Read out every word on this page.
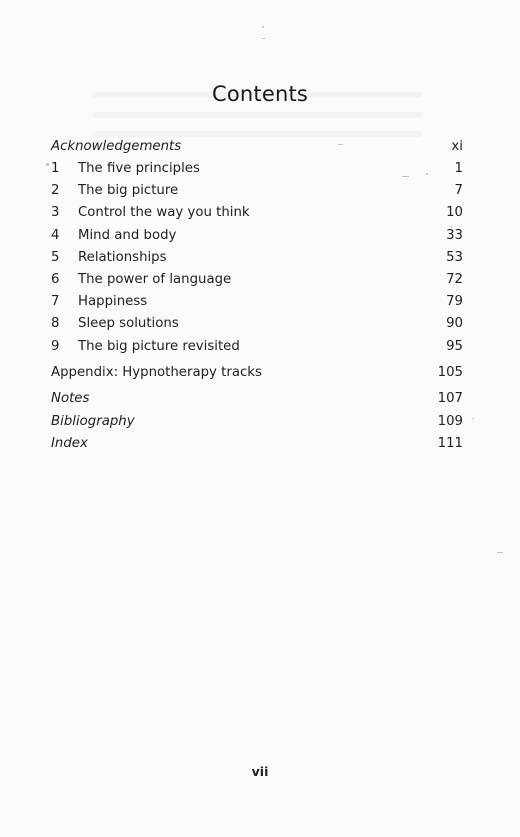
Contents
Acknowledgements	xi
1 The five principles	1
2 The big picture	7
3 Control the way you think	10
4 Mind and body	33
5 Relationships	53
6 The power of language	72
7 Happiness	79
8 Sleep solutions	90
9 The big picture revisited	95
Appendix: Hypnotherapy tracks	105
Notes	107
Bibliography	109
Index	111
vii
